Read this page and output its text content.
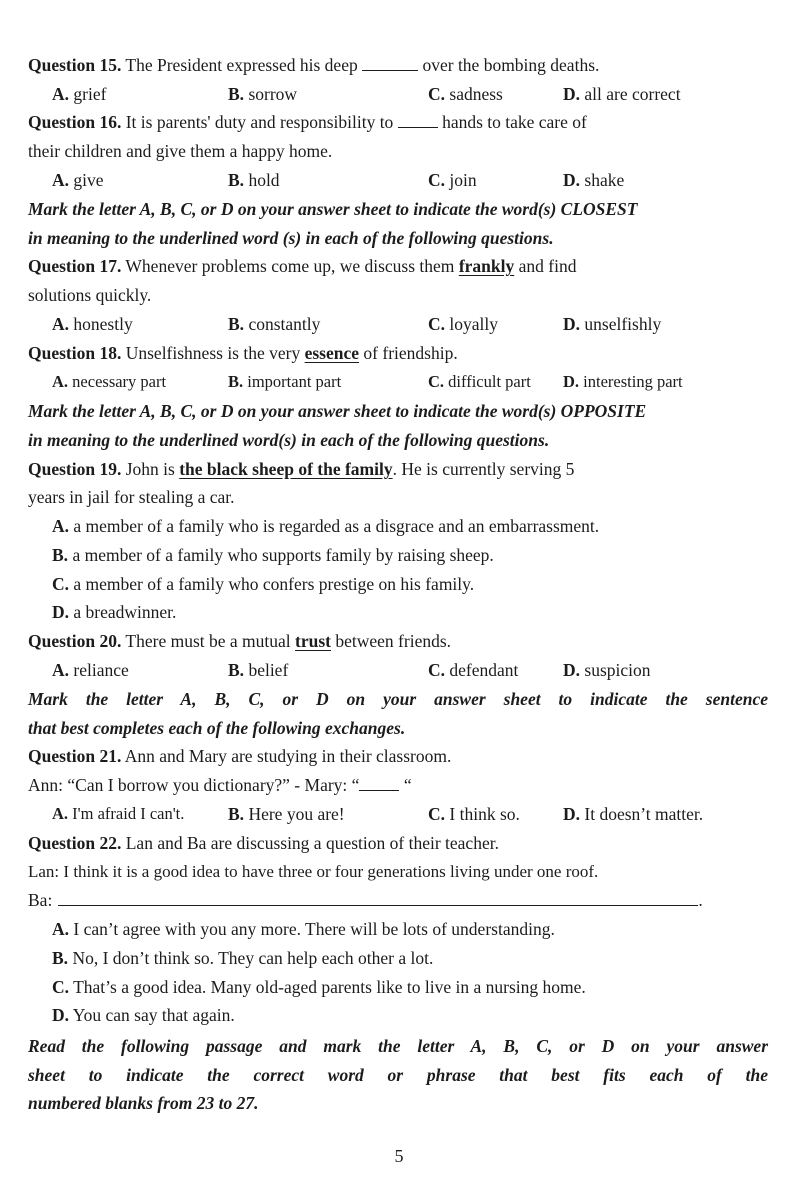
Question 15. The President expressed his deep	over the bombing deaths.
A. grief	B. sorrow	C. sadness	D. all are correct
Question 16. It is parents' duty and responsibility to  hands to take care of
their children and give them a happy home.
A. give	B. hold	C. join	D. shake
Mark the letter A, B, C, or D on your answer sheet to indicate the word(s) CLOSEST
in meaning to the underlined word (s) in each of the following questions.
Question 17. Whenever problems come up, we discuss them frankly and find
solutions quickly.
A. honestly	B. constantly	C. loyally	D. unselfishly
Question 18. Unselfishness is the very essence of friendship.
A. necessary part	B. important part	C. difficult part D. interesting part
Mark the letter A, B, C, or D on your answer sheet to indicate the word(s) OPPOSITE
in meaning to the underlined word(s) in each of the following questions.
Question 19. John is the black sheep of the family. He is currently serving 5
years in jail for stealing a car.
A. a member of a family who is regarded as a disgrace and an embarrassment.
B. a member of a family who supports family by raising sheep.
C. a member of a family who confers prestige on his family.
D. a breadwinner.
Question 20. There must be a mutual trust between friends.
A. reliance	B. belief	C. defendant	D. suspicion
Mark the letter A, B, C, or D on your answer sheet to indicate the sentence
that best completes each of the following exchanges.
Question 21. Ann and Mary are studying in their classroom.
Ann: “Can I borrow you dictionary?” - Mary: “ “
A. I'm afraid I can't. B. Here you are!	C. I think so. D. It doesn’t matter.
Question 22. Lan and Ba are discussing a question of their teacher.
Lan: I think it is a good idea to have three or four generations living under one roof.
Ba:	.
A. I can’t agree with you any more. There will be lots of understanding.
B. No, I don’t think so. They can help each other a lot.
C. That’s a good idea. Many old-aged parents like to live in a nursing home.
D. You can say that again.
Read the following passage and mark the letter A, B, C, or D on your answer
sheet to indicate the correct word or phrase that best fits each of the
numbered blanks from 23 to 27.
5
